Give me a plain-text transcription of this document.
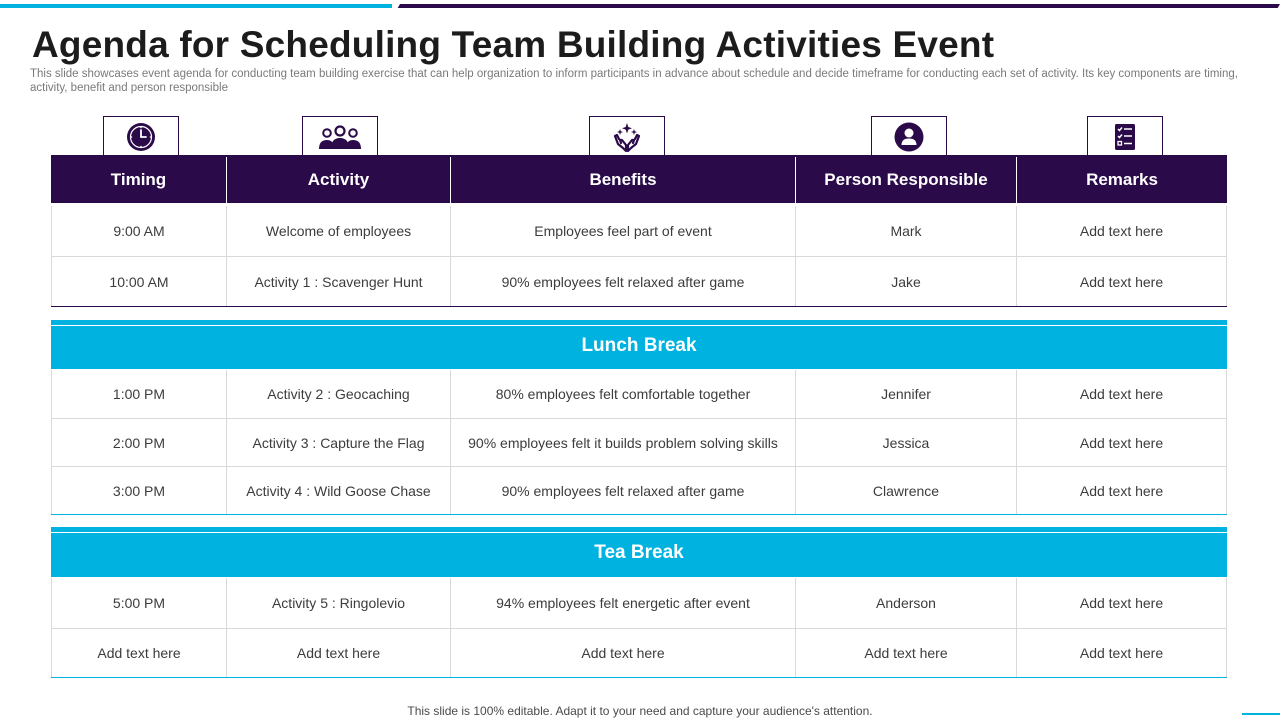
Agenda for Scheduling Team Building Activities Event

This slide showcases event agenda for conducting team building exercise that can help organization to inform participants in advance about schedule and decide timeframe for conducting each set of activity. Its key components are timing, activity, benefit and person responsible

Timing	Activity	Benefits	Person Responsible	Remarks
9:00 AM	Welcome of employees	Employees feel part of event	Mark	Add text here
10:00 AM	Activity 1 : Scavenger Hunt	90% employees felt relaxed after game	Jake	Add text here
Lunch Break
1:00 PM	Activity 2 : Geocaching	80% employees felt comfortable together	Jennifer	Add text here
2:00 PM	Activity 3 : Capture the Flag	90% employees felt it builds problem solving skills	Jessica	Add text here
3:00 PM	Activity 4 : Wild Goose Chase	90% employees felt relaxed after game	Clawrence	Add text here
Tea Break
5:00 PM	Activity 5 : Ringolevio	94% employees felt energetic after event	Anderson	Add text here
Add text here	Add text here	Add text here	Add text here	Add text here
This slide is 100% editable. Adapt it to your need and capture your audience's attention.
